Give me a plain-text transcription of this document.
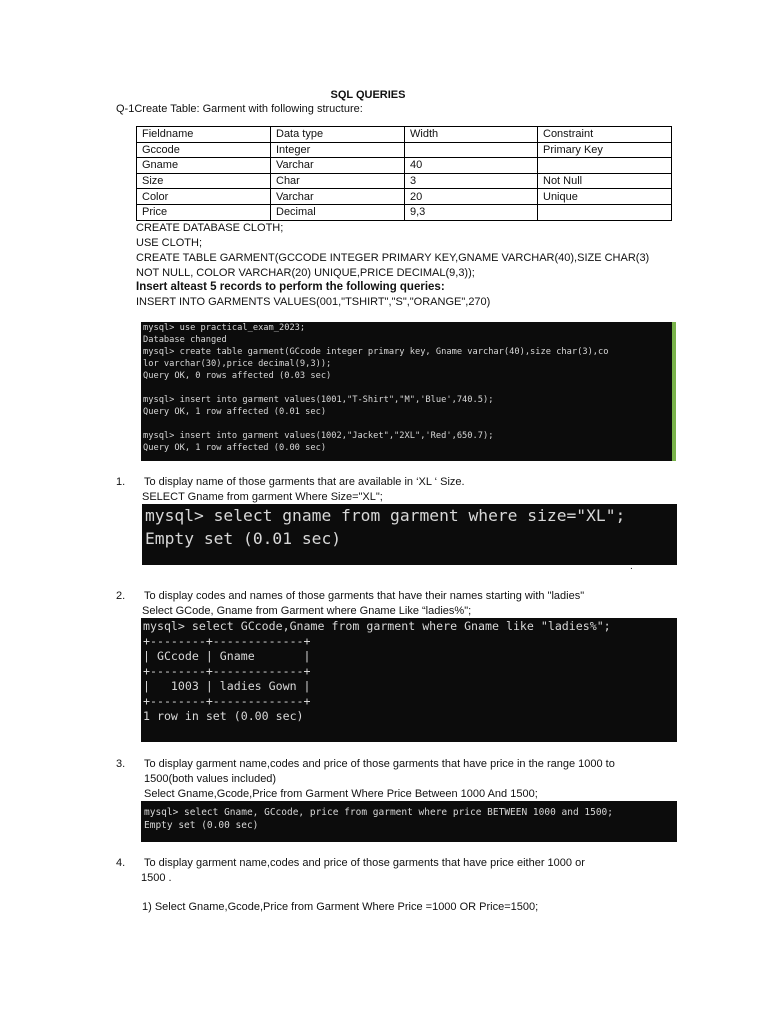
SQL QUERIES
Q-1Create Table: Garment with following structure:
Fieldname	Data type	Width	Constraint
Gccode	Integer		Primary Key
Gname	Varchar	40	
Size	Char	3	Not Null
Color	Varchar	20	Unique
Price	Decimal	9,3	
CREATE DATABASE CLOTH;
USE CLOTH;
CREATE TABLE GARMENT(GCCODE INTEGER PRIMARY KEY,GNAME VARCHAR(40),SIZE CHAR(3)
NOT NULL, COLOR VARCHAR(20) UNIQUE,PRICE DECIMAL(9,3));
Insert alteast 5 records to perform the following queries:
INSERT INTO GARMENTS VALUES(001,"TSHIRT","S","ORANGE",270)
mysql> use practical_exam_2023;
Database changed
mysql> create table garment(GCcode integer primary key, Gname varchar(40),size char(3),co
lor varchar(30),price decimal(9,3));
Query OK, 0 rows affected (0.03 sec)

mysql> insert into garment values(1001,"T-Shirt","M",'Blue',740.5);
Query OK, 1 row affected (0.01 sec)

mysql> insert into garment values(1002,"Jacket","2XL",'Red',650.7);
Query OK, 1 row affected (0.00 sec)
1. To display name of those garments that are available in ‘XL ‘ Size.
SELECT Gname from garment Where Size="XL";
mysql> select gname from garment where size="XL";
Empty set (0.01 sec)
.
2. To display codes and names of those garments that have their names starting with "ladies"
Select GCode, Gname from Garment where Gname Like “ladies%";
mysql> select GCcode,Gname from garment where Gname like "ladies%";
+--------+-------------+
| GCcode | Gname       |
+--------+-------------+
|   1003 | ladies Gown |
+--------+-------------+
1 row in set (0.00 sec)
3. To display garment name,codes and price of those garments that have price in the range 1000 to
1500(both values included)
Select Gname,Gcode,Price from Garment Where Price Between 1000 And 1500;
mysql> select Gname, GCcode, price from garment where price BETWEEN 1000 and 1500;
Empty set (0.00 sec)
4. To display garment name,codes and price of those garments that have price either 1000 or
1500 .
1) Select Gname,Gcode,Price from Garment Where Price =1000 OR Price=1500;
